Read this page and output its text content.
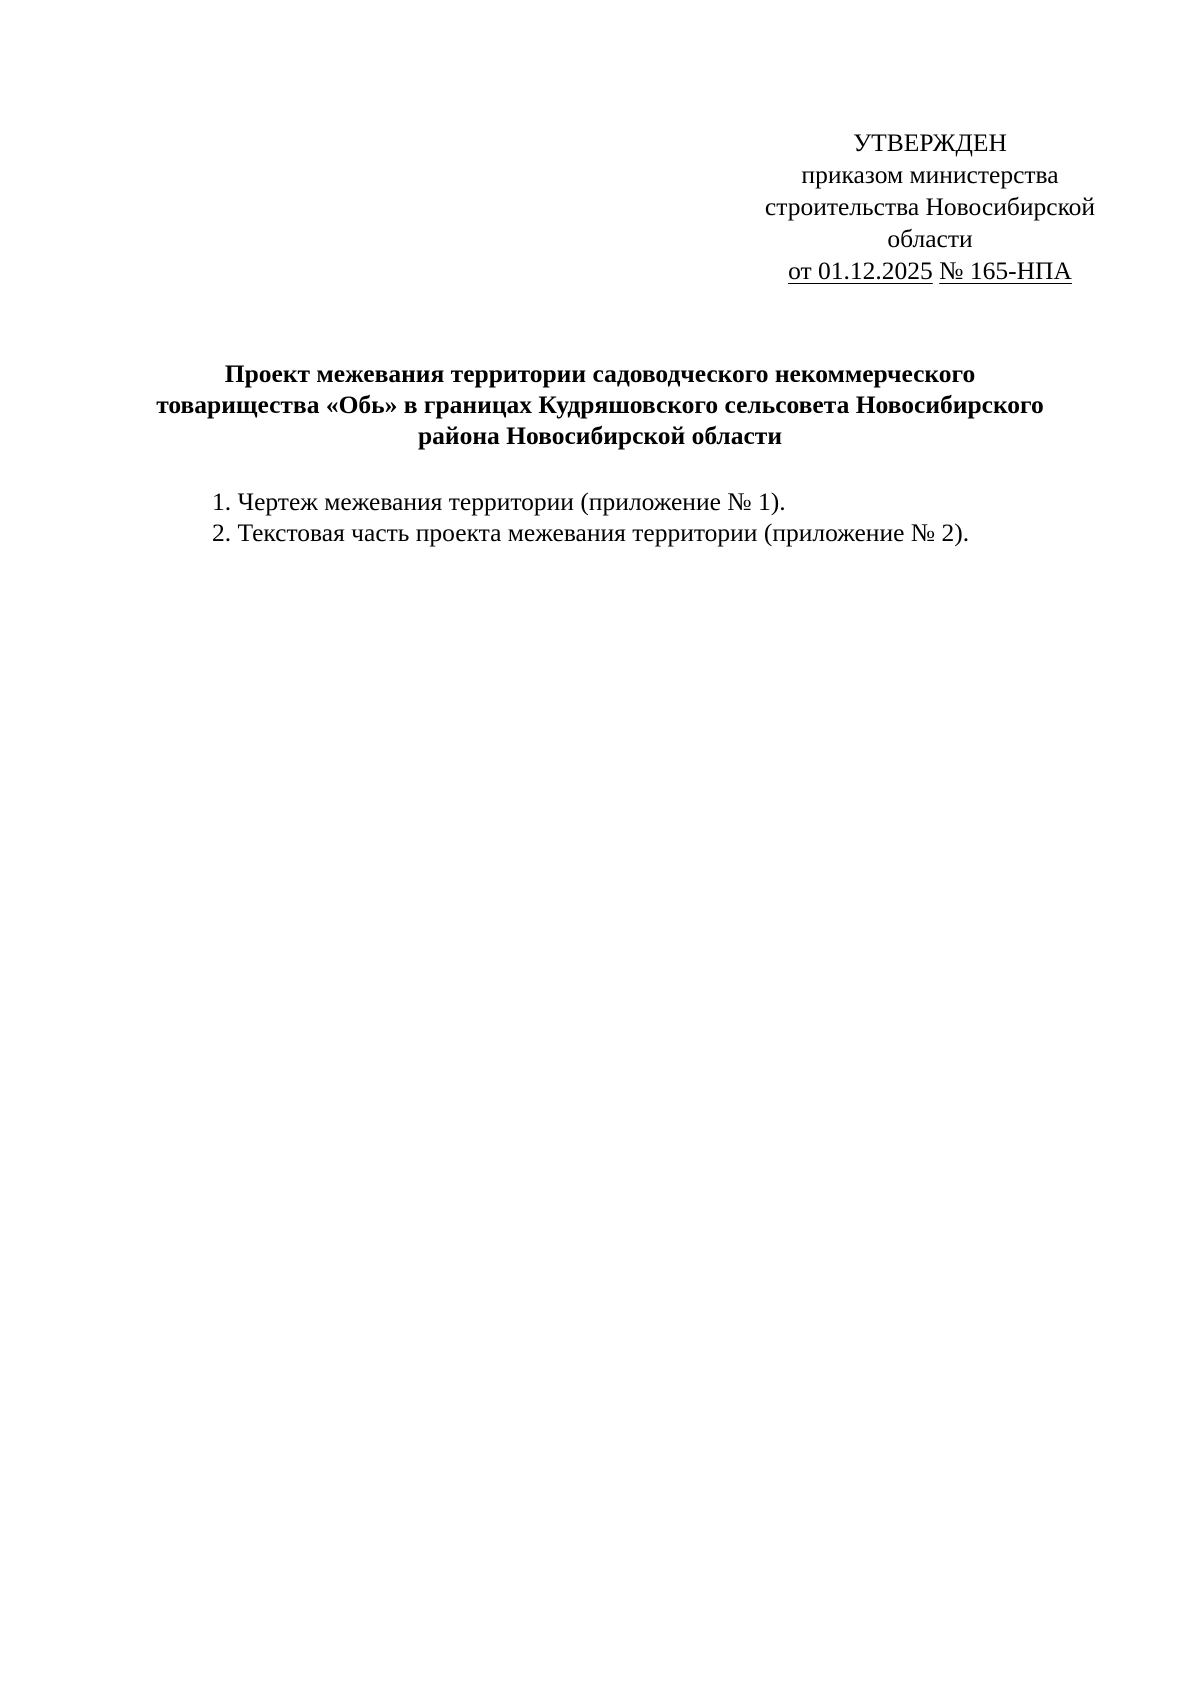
УТВЕРЖДЕН
приказом министерства
строительства Новосибирской
области
от 01.12.2025 № 165-НПА
Проект межевания территории садоводческого некоммерческого
товарищества «Обь» в границах Кудряшовского сельсовета Новосибирского
района Новосибирской области
1. Чертеж межевания территории (приложение № 1).
2. Текстовая часть проекта межевания территории (приложение № 2).
